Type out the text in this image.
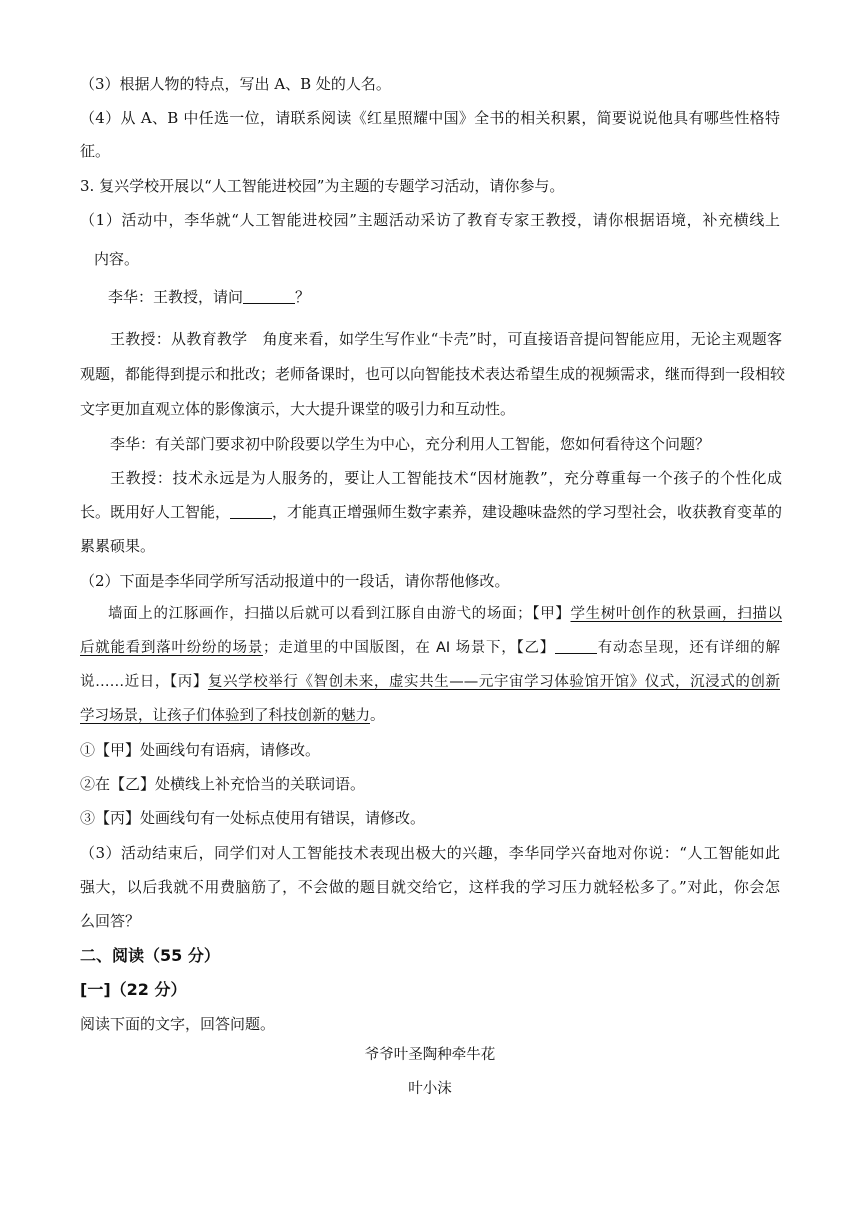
（3）根据人物的特点，写出 A、B 处的人名。
（4）从 A、B 中任选一位，请联系阅读《红星照耀中国》全书的相关积累，简要说说他具有哪些性格特
征。
3. 复兴学校开展以“人工智能进校园”为主题的专题学习活动，请你参与。
（1）活动中，李华就“人工智能进校园”主题活动采访了教育专家王教授，请你根据语境，补充横线上
内容。
李华：王教授，请问	？
王教授：从教育教学　角度来看，如学生写作业“卡壳”时，可直接语音提问智能应用，无论主观题客
观题，都能得到提示和批改；老师备课时，也可以向智能技术表达希望生成的视频需求，继而得到一段相较
文字更加直观立体的影像演示，大大提升课堂的吸引力和互动性。
李华：有关部门要求初中阶段要以学生为中心，充分利用人工智能，您如何看待这个问题？
王教授：技术永远是为人服务的，要让人工智能技术“因材施教”，充分尊重每一个孩子的个性化成
长。既用好人工智能，	，才能真正增强师生数字素养，建设趣味盎然的学习型社会，收获教育变革的
累累硕果。
（2）下面是李华同学所写活动报道中的一段话，请你帮他修改。
墙面上的江豚画作，扫描以后就可以看到江豚自由游弋的场面；【甲】学生树叶创作的秋景画，扫描以
后就能看到落叶纷纷的场景；走道里的中国版图，在 AI 场景下，【乙】	有动态呈现，还有详细的解
说……近日，【丙】复兴学校举行《智创未来，虚实共生——元宇宙学习体验馆开馆》仪式，沉浸式的创新
学习场景，让孩子们体验到了科技创新的魅力。
①【甲】处画线句有语病，请修改。
②在【乙】处横线上补充恰当的关联词语。
③【丙】处画线句有一处标点使用有错误，请修改。
（3）活动结束后，同学们对人工智能技术表现出极大的兴趣，李华同学兴奋地对你说：“人工智能如此
强大，以后我就不用费脑筋了，不会做的题目就交给它，这样我的学习压力就轻松多了。”对此，你会怎
么回答？
二、阅读（55 分）
[一]（22 分）
阅读下面的文字，回答问题。
爷爷叶圣陶种牵牛花
叶小沫
